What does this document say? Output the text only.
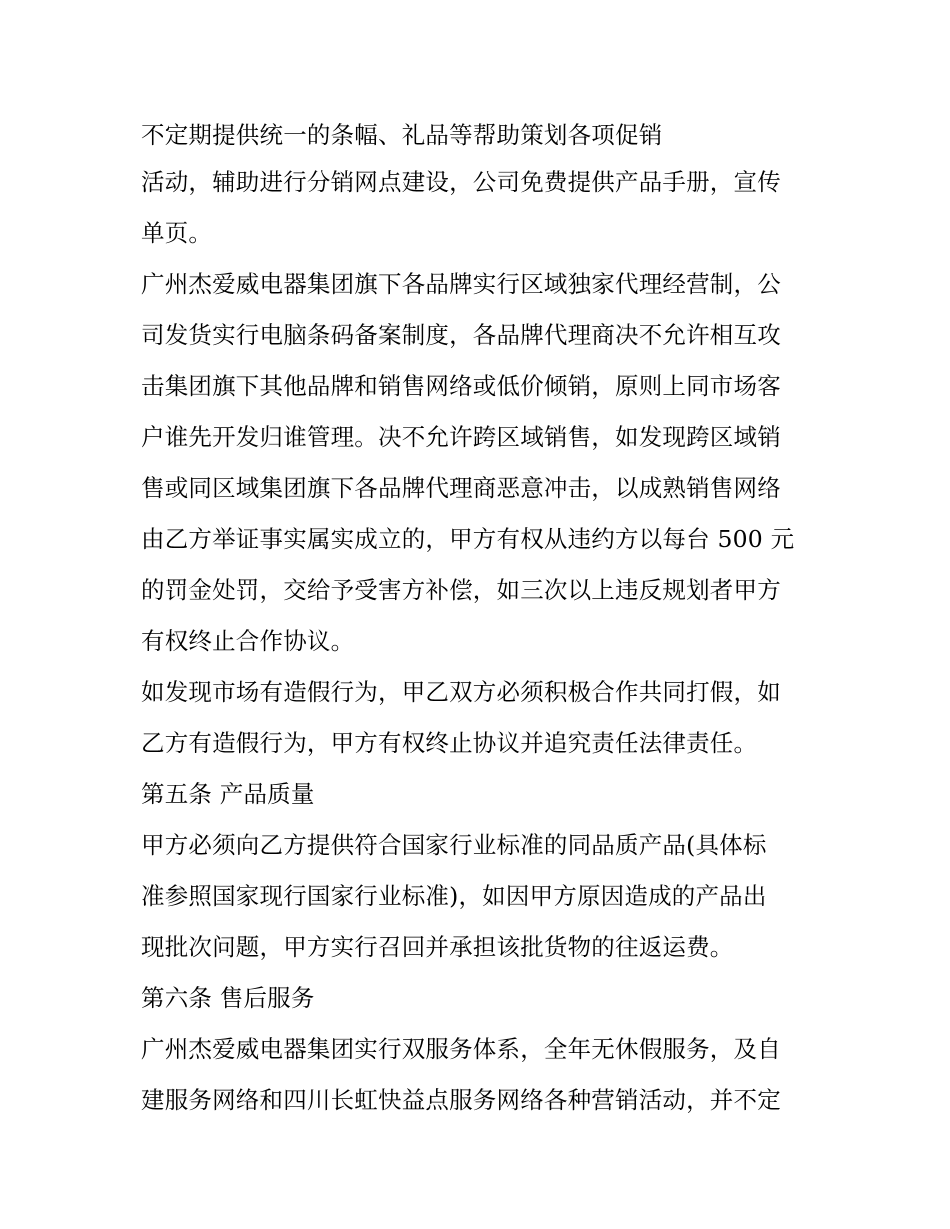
不定期提供统一的条幅、礼品等帮助策划各项促销
活动，辅助进行分销网点建设，公司免费提供产品手册，宣传
单页。
广州杰爱威电器集团旗下各品牌实行区域独家代理经营制，公
司发货实行电脑条码备案制度，各品牌代理商决不允许相互攻
击集团旗下其他品牌和销售网络或低价倾销，原则上同市场客
户谁先开发归谁管理。决不允许跨区域销售，如发现跨区域销
售或同区域集团旗下各品牌代理商恶意冲击，以成熟销售网络
由乙方举证事实属实成立的，甲方有权从违约方以每台 500 元
的罚金处罚，交给予受害方补偿，如三次以上违反规划者甲方
有权终止合作协议。
如发现市场有造假行为，甲乙双方必须积极合作共同打假，如
乙方有造假行为，甲方有权终止协议并追究责任法律责任。
第五条 产品质量
甲方必须向乙方提供符合国家行业标准的同品质产品(具体标
准参照国家现行国家行业标准)，如因甲方原因造成的产品出
现批次问题，甲方实行召回并承担该批货物的往返运费。
第六条 售后服务
广州杰爱威电器集团实行双服务体系，全年无休假服务，及自
建服务网络和四川长虹快益点服务网络各种营销活动，并不定
